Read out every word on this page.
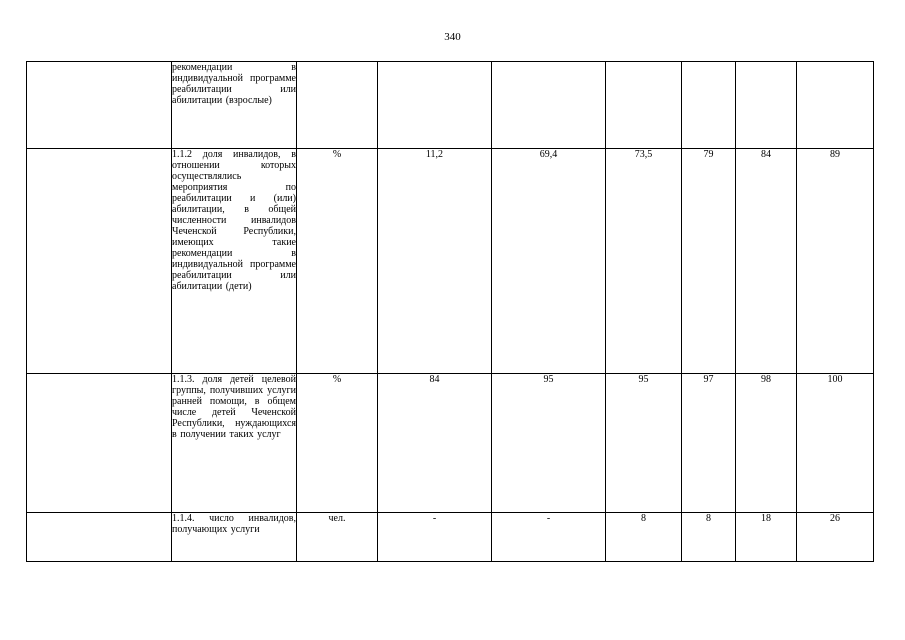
340
	рекомендации в индивидуальной программе реабилитации или абилитации (взрослые)							
	1.1.2 доля инвалидов, в отношении которых осуществлялись мероприятия по реабилитации и (или) абилитации, в общей численности инвалидов Чеченской Республики, имеющих такие рекомендации в индивидуальной программе реабилитации или абилитации (дети)	%	11,2	69,4	73,5	79	84	89
	1.1.3. доля детей целевой группы, получивших услуги ранней помощи, в общем числе детей Чеченской Республики, нуждающихся в получении таких услуг	%	84	95	95	97	98	100
	1.1.4. число инвалидов, получающих услуги	чел.	-	-	8	8	18	26
